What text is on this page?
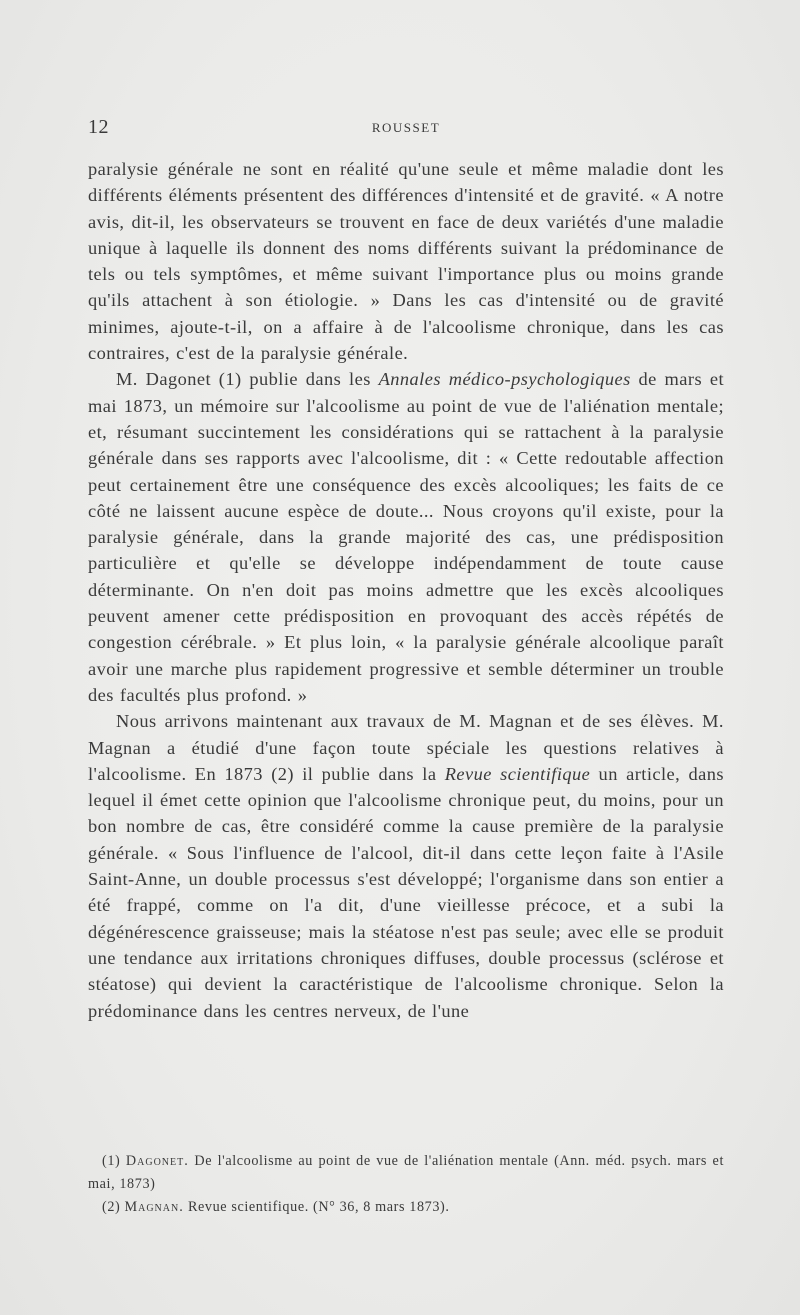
12	ROUSSET

paralysie générale ne sont en réalité qu'une seule et même maladie dont les différents éléments présentent des différences d'intensité et de gravité. « A notre avis, dit-il, les observateurs se trouvent en face de deux variétés d'une maladie unique à laquelle ils donnent des noms différents suivant la prédominance de tels ou tels symptômes, et même suivant l'importance plus ou moins grande qu'ils attachent à son étiologie. » Dans les cas d'intensité ou de gravité minimes, ajoute-t-il, on a affaire à de l'alcoolisme chronique, dans les cas contraires, c'est de la paralysie générale.

M. Dagonet (1) publie dans les Annales médico-psychologiques de mars et mai 1873, un mémoire sur l'alcoolisme au point de vue de l'aliénation mentale; et, résumant succintement les considérations qui se rattachent à la paralysie générale dans ses rapports avec l'alcoolisme, dit : « Cette redoutable affection peut certainement être une conséquence des excès alcooliques; les faits de ce côté ne laissent aucune espèce de doute... Nous croyons qu'il existe, pour la paralysie générale, dans la grande majorité des cas, une prédisposition particulière et qu'elle se développe indépendamment de toute cause déterminante. On n'en doit pas moins admettre que les excès alcooliques peuvent amener cette prédisposition en provoquant des accès répétés de congestion cérébrale. » Et plus loin, « la paralysie générale alcoolique paraît avoir une marche plus rapidement progressive et semble déterminer un trouble des facultés plus profond. »

Nous arrivons maintenant aux travaux de M. Magnan et de ses élèves. M. Magnan a étudié d'une façon toute spéciale les questions relatives à l'alcoolisme. En 1873 (2) il publie dans la Revue scientifique un article, dans lequel il émet cette opinion que l'alcoolisme chronique peut, du moins, pour un bon nombre de cas, être considéré comme la cause première de la paralysie générale. « Sous l'influence de l'alcool, dit-il dans cette leçon faite à l'Asile Saint-Anne, un double processus s'est développé; l'organisme dans son entier a été frappé, comme on l'a dit, d'une vieillesse précoce, et a subi la dégénérescence graisseuse; mais la stéatose n'est pas seule; avec elle se produit une tendance aux irritations chroniques diffuses, double processus (sclérose et stéatose) qui devient la caractéristique de l'alcoolisme chronique. Selon la prédominance dans les centres nerveux, de l'une

(1) Dagonet. De l'alcoolisme au point de vue de l'aliénation mentale (Ann. méd. psych. mars et mai, 1873)

(2) Magnan. Revue scientifique. (N° 36, 8 mars 1873).
